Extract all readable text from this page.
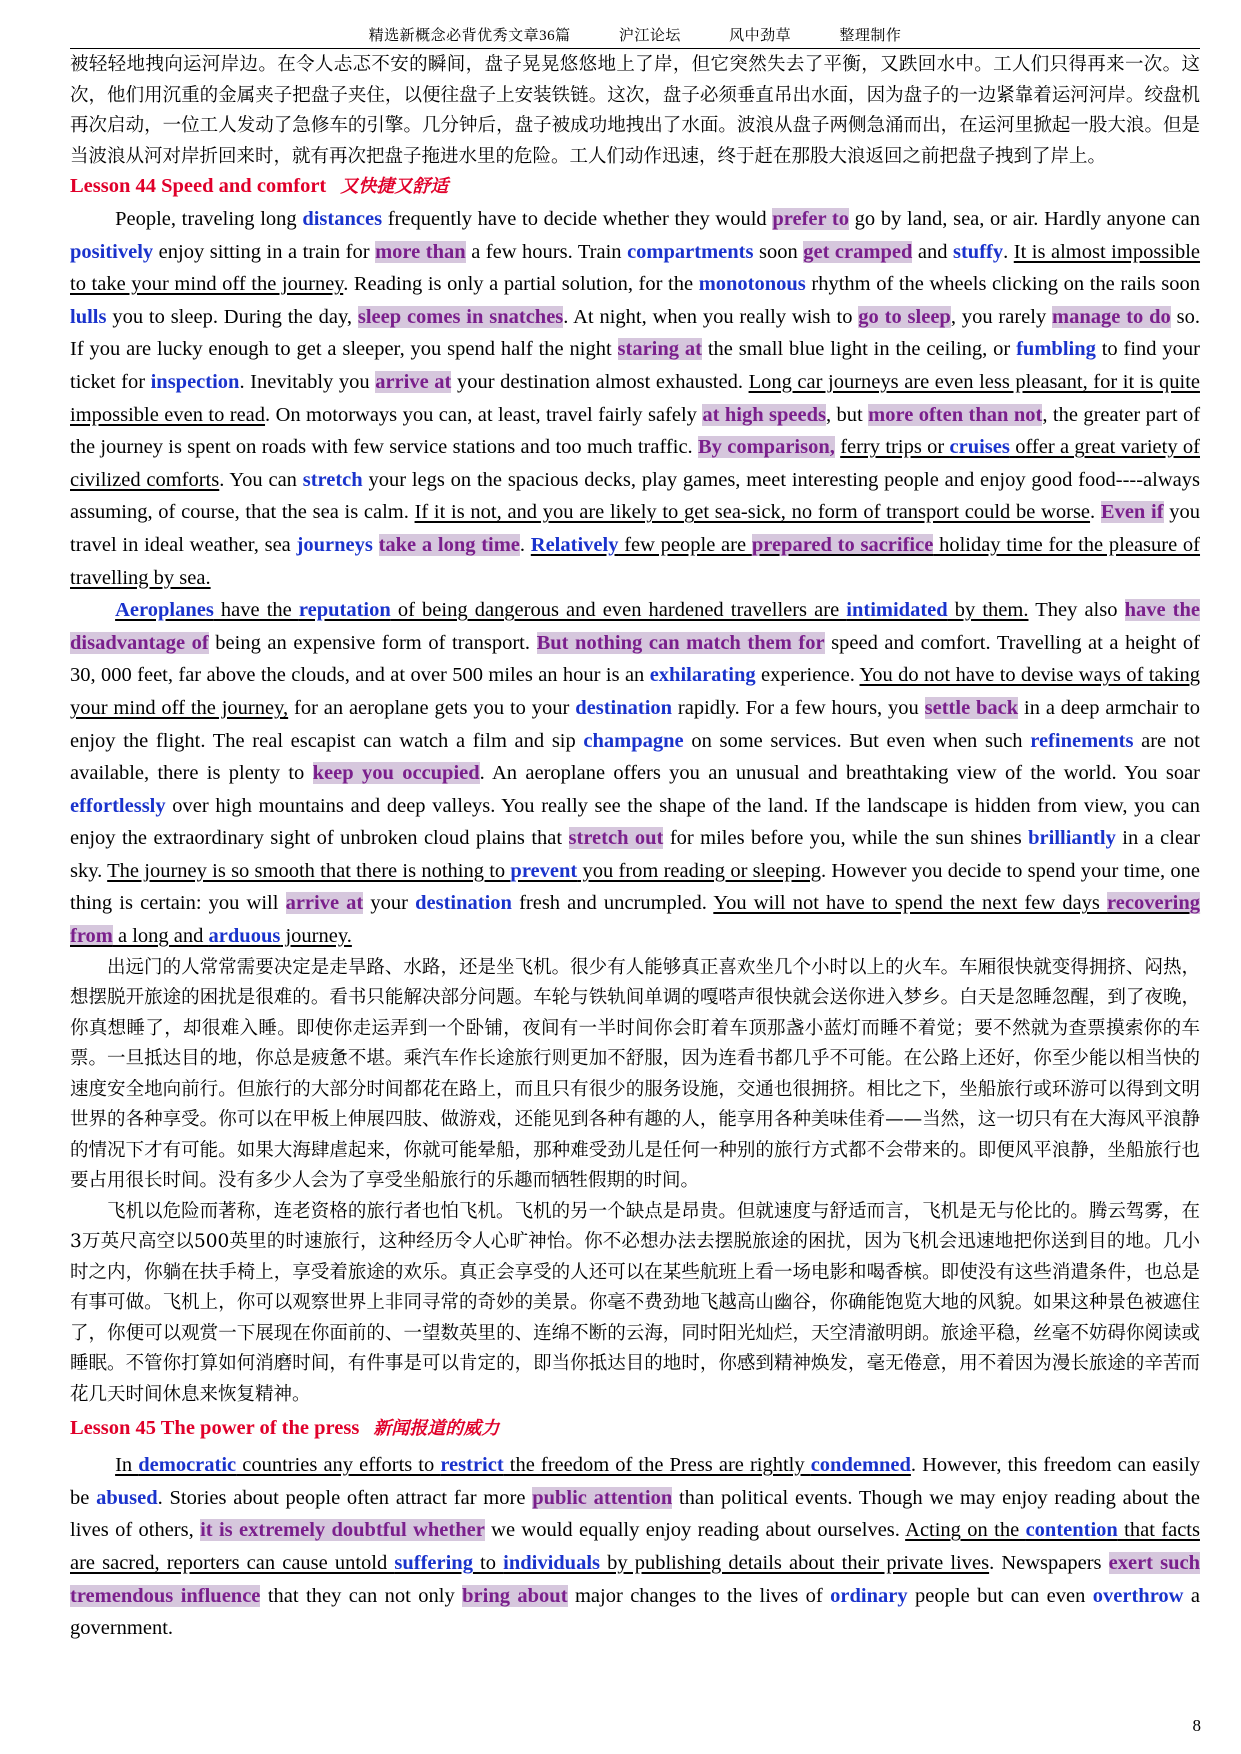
精选新概念必背优秀文章36篇	沪江论坛	风中劲草	整理制作

被轻轻地拽向运河岸边。在令人忐忑不安的瞬间，盘子晃晃悠悠地上了岸，但它突然失去了平衡，又跌回水中。工人们只得再来一次。这次，他们用沉重的金属夹子把盘子夹住，以便往盘子上安装铁链。这次，盘子必须垂直吊出水面，因为盘子的一边紧靠着运河河岸。绞盘机再次启动，一位工人发动了急修车的引擎。几分钟后，盘子被成功地拽出了水面。波浪从盘子两侧急涌而出，在运河里掀起一股大浪。但是当波浪从河对岸折回来时，就有再次把盘子拖进水里的危险。工人们动作迅速，终于赶在那股大浪返回之前把盘子拽到了岸上。

Lesson 44 Speed and comfort 又快捷又舒适

People, traveling long distances frequently have to decide whether they would prefer to go by land, sea, or air. Hardly anyone can positively enjoy sitting in a train for more than a few hours. Train compartments soon get cramped and stuffy. It is almost impossible to take your mind off the journey. Reading is only a partial solution, for the monotonous rhythm of the wheels clicking on the rails soon lulls you to sleep. During the day, sleep comes in snatches. At night, when you really wish to go to sleep, you rarely manage to do so. If you are lucky enough to get a sleeper, you spend half the night staring at the small blue light in the ceiling, or fumbling to find your ticket for inspection. Inevitably you arrive at your destination almost exhausted. Long car journeys are even less pleasant, for it is quite impossible even to read. On motorways you can, at least, travel fairly safely at high speeds, but more often than not, the greater part of the journey is spent on roads with few service stations and too much traffic. By comparison, ferry trips or cruises offer a great variety of civilized comforts. You can stretch your legs on the spacious decks, play games, meet interesting people and enjoy good food----always assuming, of course, that the sea is calm. If it is not, and you are likely to get sea-sick, no form of transport could be worse. Even if you travel in ideal weather, sea journeys take a long time. Relatively few people are prepared to sacrifice holiday time for the pleasure of travelling by sea.

Aeroplanes have the reputation of being dangerous and even hardened travellers are intimidated by them. They also have the disadvantage of being an expensive form of transport. But nothing can match them for speed and comfort. Travelling at a height of 30, 000 feet, far above the clouds, and at over 500 miles an hour is an exhilarating experience. You do not have to devise ways of taking your mind off the journey, for an aeroplane gets you to your destination rapidly. For a few hours, you settle back in a deep armchair to enjoy the flight. The real escapist can watch a film and sip champagne on some services. But even when such refinements are not available, there is plenty to keep you occupied. An aeroplane offers you an unusual and breathtaking view of the world. You soar effortlessly over high mountains and deep valleys. You really see the shape of the land. If the landscape is hidden from view, you can enjoy the extraordinary sight of unbroken cloud plains that stretch out for miles before you, while the sun shines brilliantly in a clear sky. The journey is so smooth that there is nothing to prevent you from reading or sleeping. However you decide to spend your time, one thing is certain: you will arrive at your destination fresh and uncrumpled. You will not have to spend the next few days recovering from a long and arduous journey.

出远门的人常常需要决定是走旱路、水路，还是坐飞机。很少有人能够真正喜欢坐几个小时以上的火车。车厢很快就变得拥挤、闷热，想摆脱开旅途的困扰是很难的。看书只能解决部分问题。车轮与铁轨间单调的嘎嗒声很快就会送你进入梦乡。白天是忽睡忽醒，到了夜晚，你真想睡了，却很难入睡。即使你走运弄到一个卧铺，夜间有一半时间你会盯着车顶那盏小蓝灯而睡不着觉；要不然就为查票摸索你的车票。一旦抵达目的地，你总是疲惫不堪。乘汽车作长途旅行则更加不舒服，因为连看书都几乎不可能。在公路上还好，你至少能以相当快的速度安全地向前行。但旅行的大部分时间都花在路上，而且只有很少的服务设施，交通也很拥挤。相比之下，坐船旅行或环游可以得到文明世界的各种享受。你可以在甲板上伸展四肢、做游戏，还能见到各种有趣的人，能享用各种美味佳肴——当然，这一切只有在大海风平浪静的情况下才有可能。如果大海肆虐起来，你就可能晕船，那种难受劲儿是任何一种别的旅行方式都不会带来的。即便风平浪静，坐船旅行也要占用很长时间。没有多少人会为了享受坐船旅行的乐趣而牺牲假期的时间。

飞机以危险而著称，连老资格的旅行者也怕飞机。飞机的另一个缺点是昂贵。但就速度与舒适而言，飞机是无与伦比的。腾云驾雾，在3万英尺高空以500英里的时速旅行，这种经历令人心旷神怡。你不必想办法去摆脱旅途的困扰，因为飞机会迅速地把你送到目的地。几小时之内，你躺在扶手椅上，享受着旅途的欢乐。真正会享受的人还可以在某些航班上看一场电影和喝香槟。即使没有这些消遣条件，也总是有事可做。飞机上，你可以观察世界上非同寻常的奇妙的美景。你毫不费劲地飞越高山幽谷，你确能饱览大地的风貌。如果这种景色被遮住了，你便可以观赏一下展现在你面前的、一望数英里的、连绵不断的云海，同时阳光灿烂，天空清澈明朗。旅途平稳，丝毫不妨碍你阅读或睡眠。不管你打算如何消磨时间，有件事是可以肯定的，即当你抵达目的地时，你感到精神焕发，毫无倦意，用不着因为漫长旅途的辛苦而花几天时间休息来恢复精神。

Lesson 45 The power of the press 新闻报道的威力

In democratic countries any efforts to restrict the freedom of the Press are rightly condemned. However, this freedom can easily be abused. Stories about people often attract far more public attention than political events. Though we may enjoy reading about the lives of others, it is extremely doubtful whether we would equally enjoy reading about ourselves. Acting on the contention that facts are sacred, reporters can cause untold suffering to individuals by publishing details about their private lives. Newspapers exert such tremendous influence that they can not only bring about major changes to the lives of ordinary people but can even overthrow a government.

8
